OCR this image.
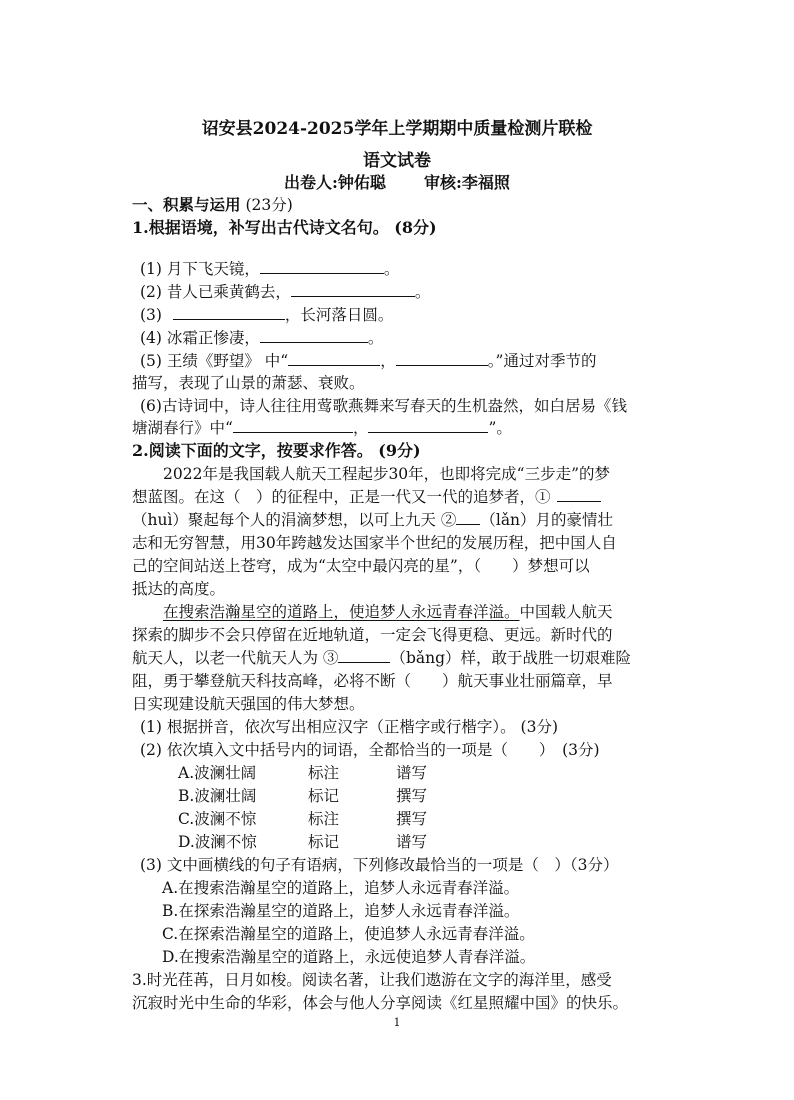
诏安县2024-2025学年上学期期中质量检测片联检
语文试卷
出卷人:钟佑聪 审核:李福照
一、积累与运用 (23分)
1.根据语境，补写出古代诗文名句。 (8分)
(1) 月下飞天镜，	。
(2) 昔人已乘黄鹤去，	。
(3)	，长河落日圆。
(4) 冰霜正惨凄，	。
(5) 王绩《野望》 中“	，	。”通过对季节的
描写，表现了山景的萧瑟、衰败。
(6)古诗词中，诗人往往用莺歌燕舞来写春天的生机盎然，如白居易《钱
塘湖春行》中“	，	”。
2.阅读下面的文字，按要求作答。 (9分)
2022年是我国载人航天工程起步30年，也即将完成“三步走”的梦
想蓝图。在这（　）的征程中，正是一代又一代的追梦者，①
（huì）聚起每个人的涓滴梦想，以可上九天 ② （lǎn）月的豪情壮
志和无穷智慧，用30年跨越发达国家半个世纪的发展历程，把中国人自
己的空间站送上苍穹，成为“太空中最闪亮的星”，（　　）梦想可以
抵达的高度。
在搜索浩瀚星空的道路上，使追梦人永远青春洋溢。中国载人航天
探索的脚步不会只停留在近地轨道，一定会飞得更稳、更远。新时代的
航天人，以老一代航天人为 ③	（bǎng）样，敢于战胜一切艰难险
阻，勇于攀登航天科技高峰，必将不断（　　）航天事业壮丽篇章，早
日实现建设航天强国的伟大梦想。
(1) 根据拼音，依次写出相应汉字（正楷字或行楷字）。 (3分)
(2) 依次填入文中括号内的词语，全都恰当的一项是（　　）　(3分)
A.波澜壮阔	标注	谱写
B.波澜壮阔	标记	撰写
C.波澜不惊	标注	撰写
D.波澜不惊	标记	谱写
(3) 文中画横线的句子有语病，下列修改最恰当的一项是（　）（3分）
A.在搜索浩瀚星空的道路上，追梦人永远青春洋溢。
B.在探索浩瀚星空的道路上，追梦人永远青春洋溢。
C.在探索浩瀚星空的道路上，使追梦人永远青春洋溢。
D.在搜索浩瀚星空的道路上，永远使追梦人青春洋溢。
3.时光荏苒，日月如梭。阅读名著，让我们遨游在文字的海洋里，感受
沉寂时光中生命的华彩，体会与他人分享阅读《红星照耀中国》的快乐。
1
